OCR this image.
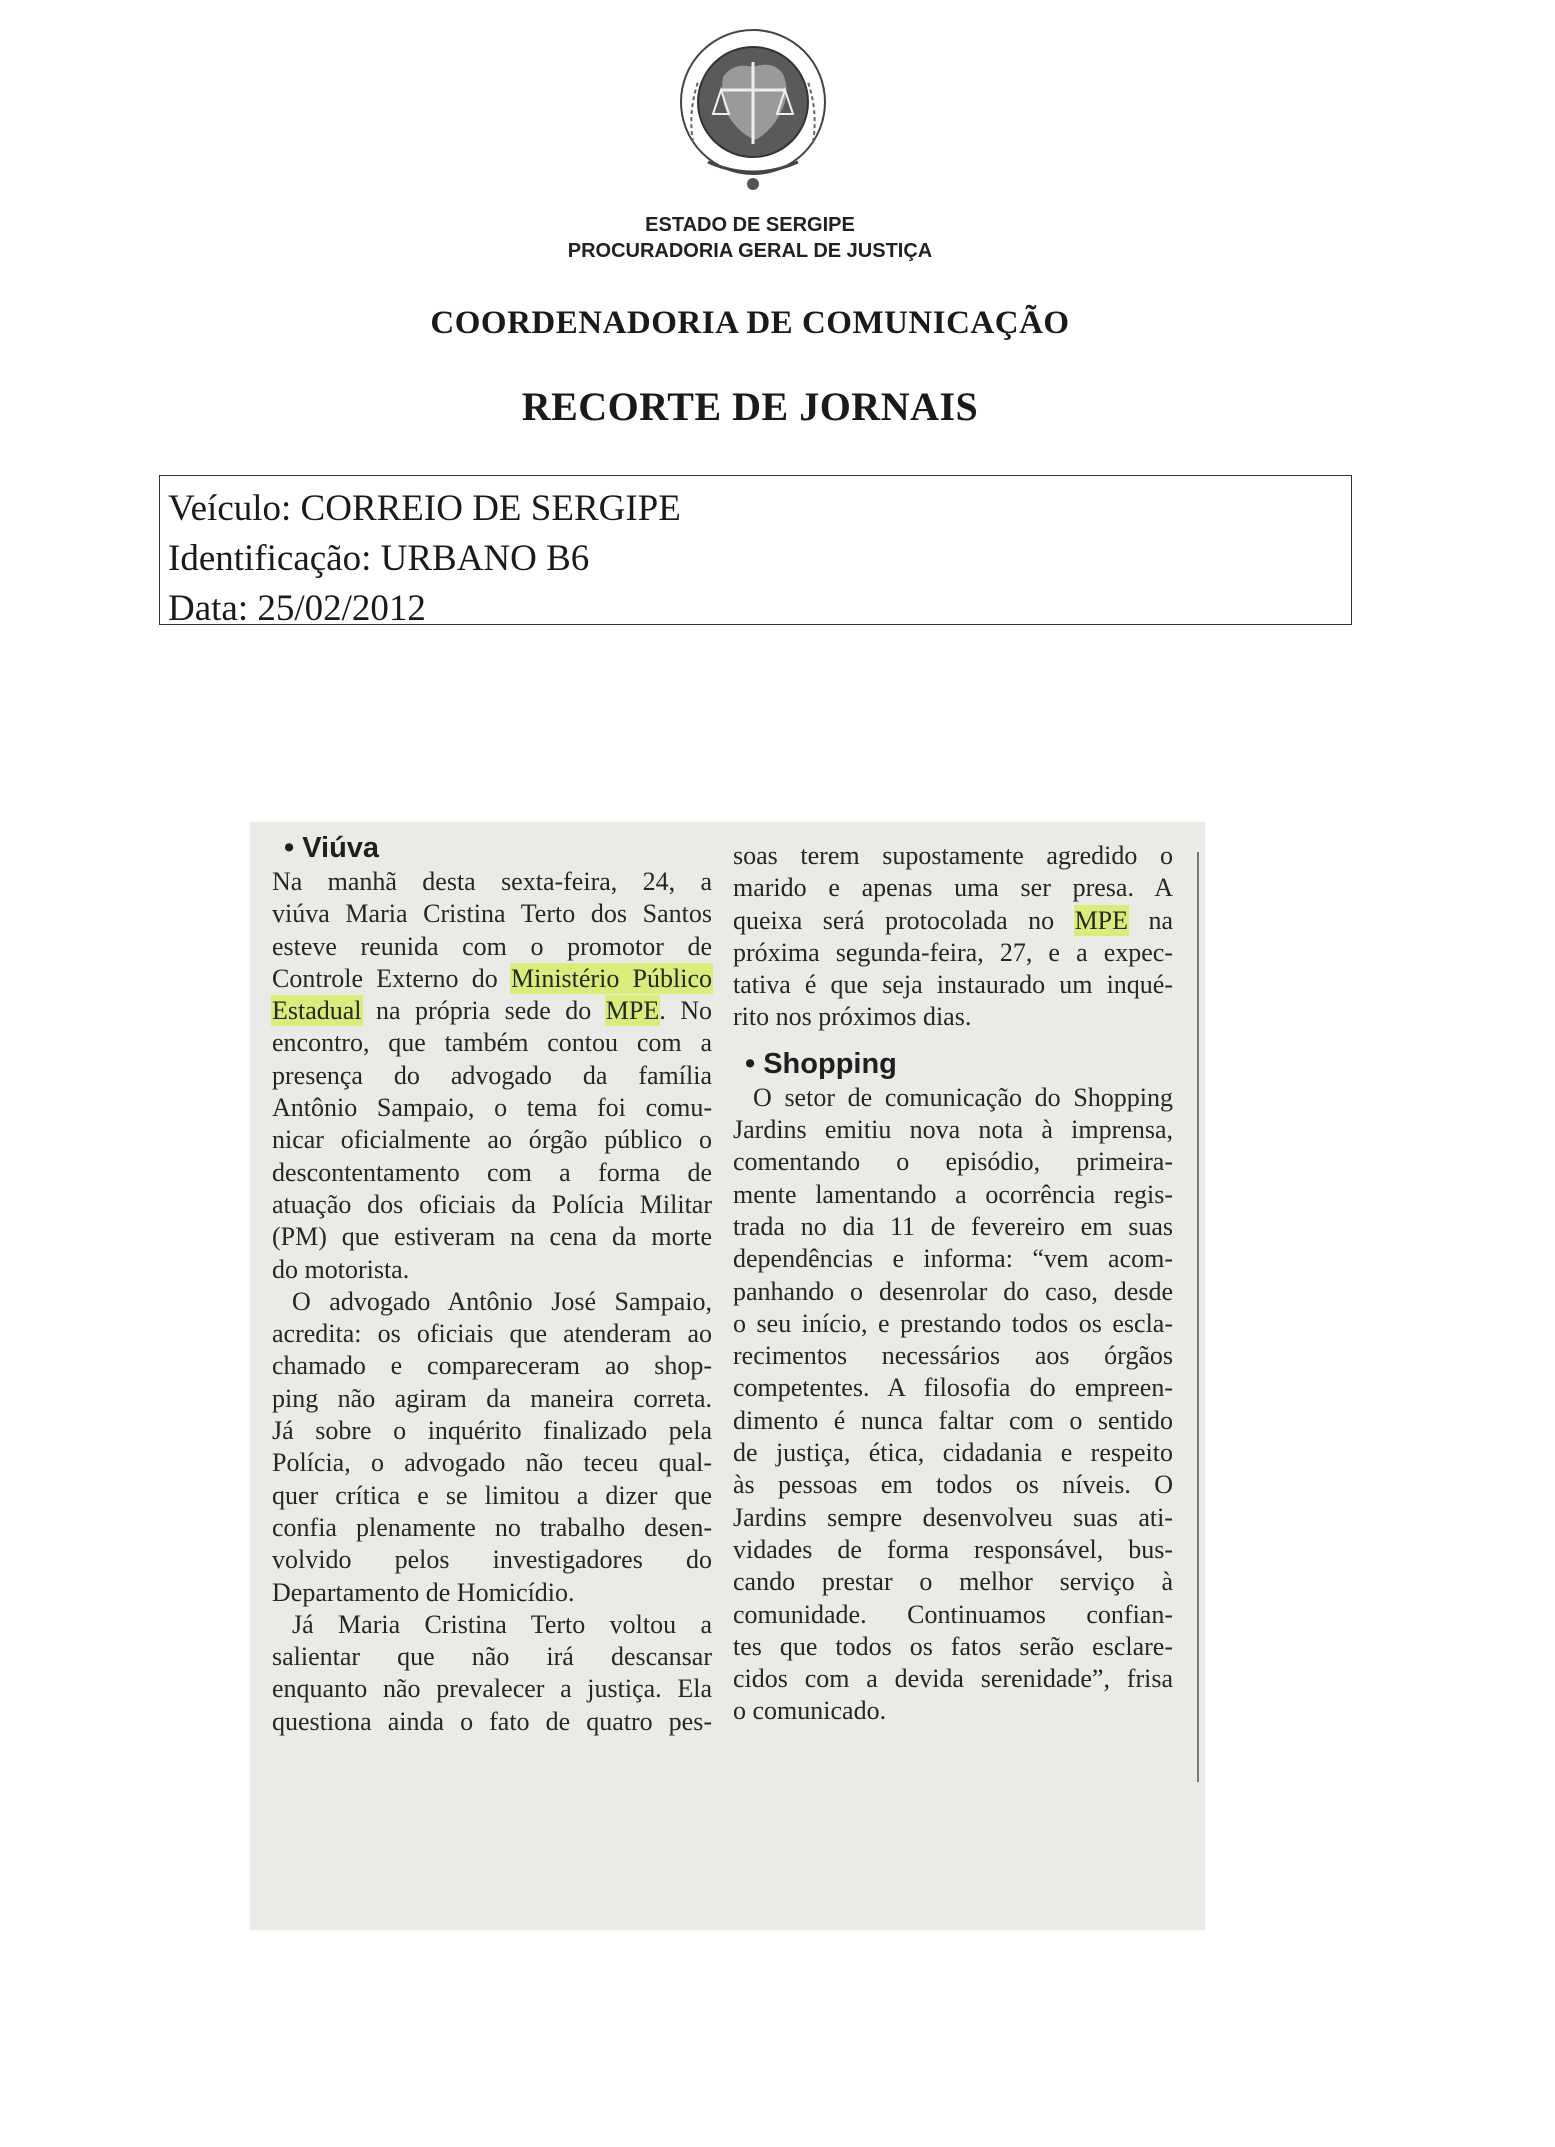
ESTADO DE SERGIPE
PROCURADORIA GERAL DE JUSTIÇA
COORDENADORIA DE COMUNICAÇÃO
RECORTE DE JORNAIS
Veículo: CORREIO DE SERGIPE
Identificação: URBANO B6
Data: 25/02/2012
• Viúva
Na manhã desta sexta-feira, 24, a
viúva Maria Cristina Terto dos Santos
esteve reunida com o promotor de
Controle Externo do Ministério Público
Estadual na própria sede do MPE. No
encontro, que também contou com a
presença do advogado da família
Antônio Sampaio, o tema foi comu-
nicar oficialmente ao órgão público o
descontentamento com a forma de
atuação dos oficiais da Polícia Militar
(PM) que estiveram na cena da morte
do motorista.
O advogado Antônio José Sampaio,
acredita: os oficiais que atenderam ao
chamado e compareceram ao shop-
ping não agiram da maneira correta.
Já sobre o inquérito finalizado pela
Polícia, o advogado não teceu qual-
quer crítica e se limitou a dizer que
confia plenamente no trabalho desen-
volvido pelos investigadores do
Departamento de Homicídio.
Já Maria Cristina Terto voltou a
salientar que não irá descansar
enquanto não prevalecer a justiça. Ela
questiona ainda o fato de quatro pes-
soas terem supostamente agredido o
marido e apenas uma ser presa. A
queixa será protocolada no MPE na
próxima segunda-feira, 27, e a expec-
tativa é que seja instaurado um inqué-
rito nos próximos dias.
• Shopping
O setor de comunicação do Shopping
Jardins emitiu nova nota à imprensa,
comentando o episódio, primeira-
mente lamentando a ocorrência regis-
trada no dia 11 de fevereiro em suas
dependências e informa: “vem acom-
panhando o desenrolar do caso, desde
o seu início, e prestando todos os escla-
recimentos necessários aos órgãos
competentes. A filosofia do empreen-
dimento é nunca faltar com o sentido
de justiça, ética, cidadania e respeito
às pessoas em todos os níveis. O
Jardins sempre desenvolveu suas ati-
vidades de forma responsável, bus-
cando prestar o melhor serviço à
comunidade. Continuamos confian-
tes que todos os fatos serão esclare-
cidos com a devida serenidade”, frisa
o comunicado.
